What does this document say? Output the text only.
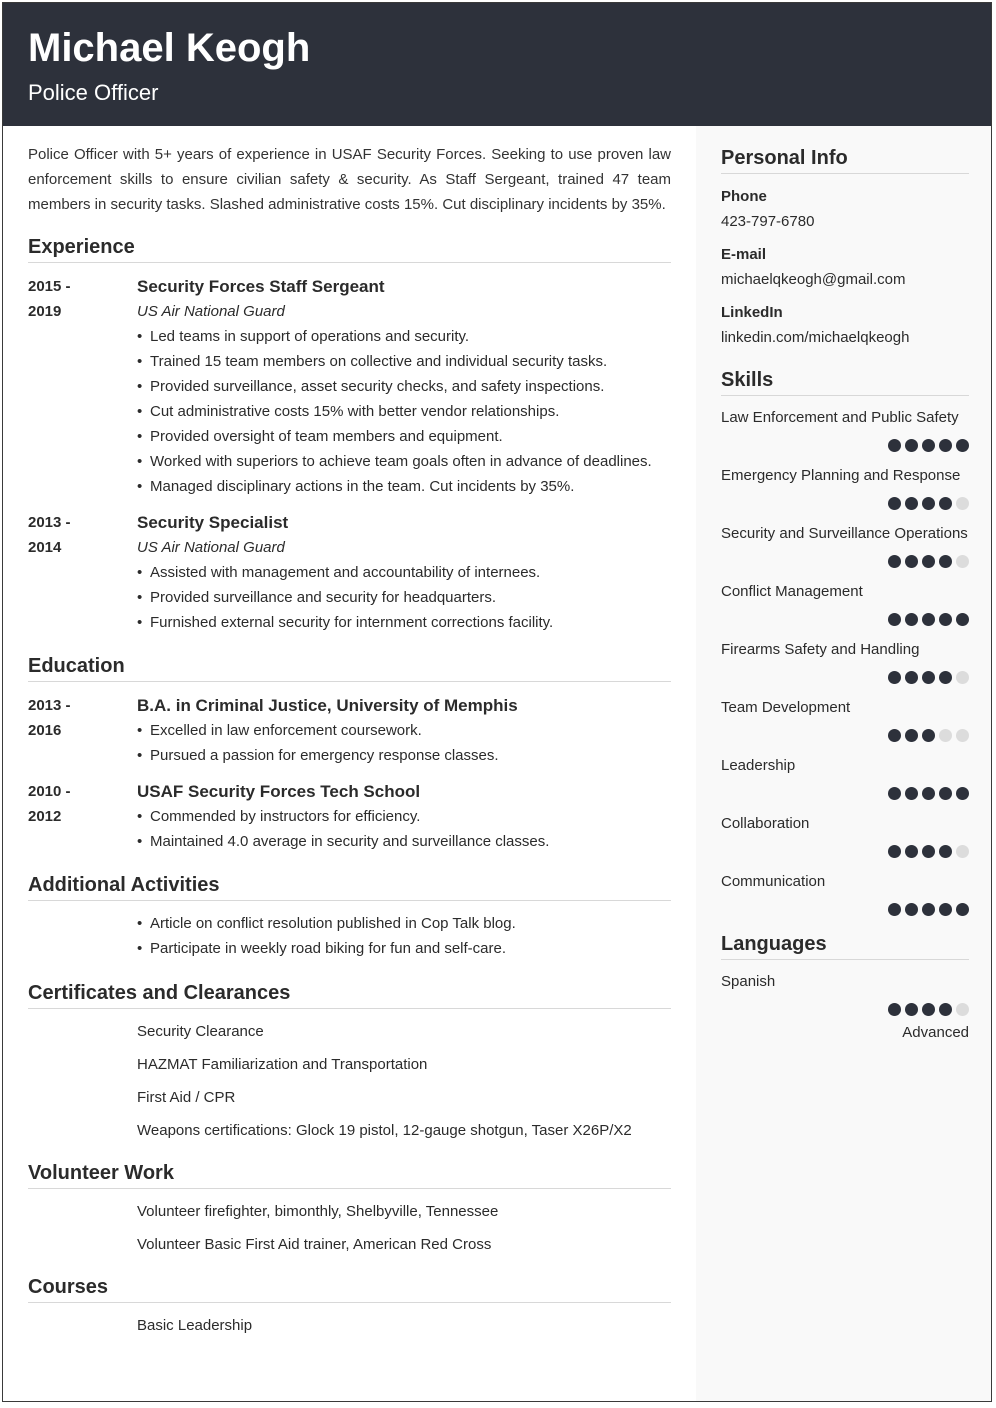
Michael Keogh
Police Officer
Police Officer with 5+ years of experience in USAF Security Forces. Seeking to use proven law enforcement skills to ensure civilian safety & security. As Staff Sergeant, trained 47 team members in security tasks. Slashed administrative costs 15%. Cut disciplinary incidents by 35%.
Experience
2015 -
2019
Security Forces Staff Sergeant
US Air National Guard
• Led teams in support of operations and security.
• Trained 15 team members on collective and individual security tasks.
• Provided surveillance, asset security checks, and safety inspections.
• Cut administrative costs 15% with better vendor relationships.
• Provided oversight of team members and equipment.
• Worked with superiors to achieve team goals often in advance of deadlines.
• Managed disciplinary actions in the team. Cut incidents by 35%.
2013 -
2014
Security Specialist
US Air National Guard
• Assisted with management and accountability of internees.
• Provided surveillance and security for headquarters.
• Furnished external security for internment corrections facility.
Education
2013 -
2016
B.A. in Criminal Justice, University of Memphis
• Excelled in law enforcement coursework.
• Pursued a passion for emergency response classes.
2010 -
2012
USAF Security Forces Tech School
• Commended by instructors for efficiency.
• Maintained 4.0 average in security and surveillance classes.
Additional Activities
• Article on conflict resolution published in Cop Talk blog.
• Participate in weekly road biking for fun and self-care.
Certificates and Clearances
Security Clearance
HAZMAT Familiarization and Transportation
First Aid / CPR
Weapons certifications: Glock 19 pistol, 12-gauge shotgun, Taser X26P/X2
Volunteer Work
Volunteer firefighter, bimonthly, Shelbyville, Tennessee
Volunteer Basic First Aid trainer, American Red Cross
Courses
Basic Leadership
Personal Info
Phone
423-797-6780
E-mail
michaelqkeogh@gmail.com
LinkedIn
linkedin.com/michaelqkeogh
Skills
Law Enforcement and Public Safety
Emergency Planning and Response
Security and Surveillance Operations
Conflict Management
Firearms Safety and Handling
Team Development
Leadership
Collaboration
Communication
Languages
Spanish
Advanced
